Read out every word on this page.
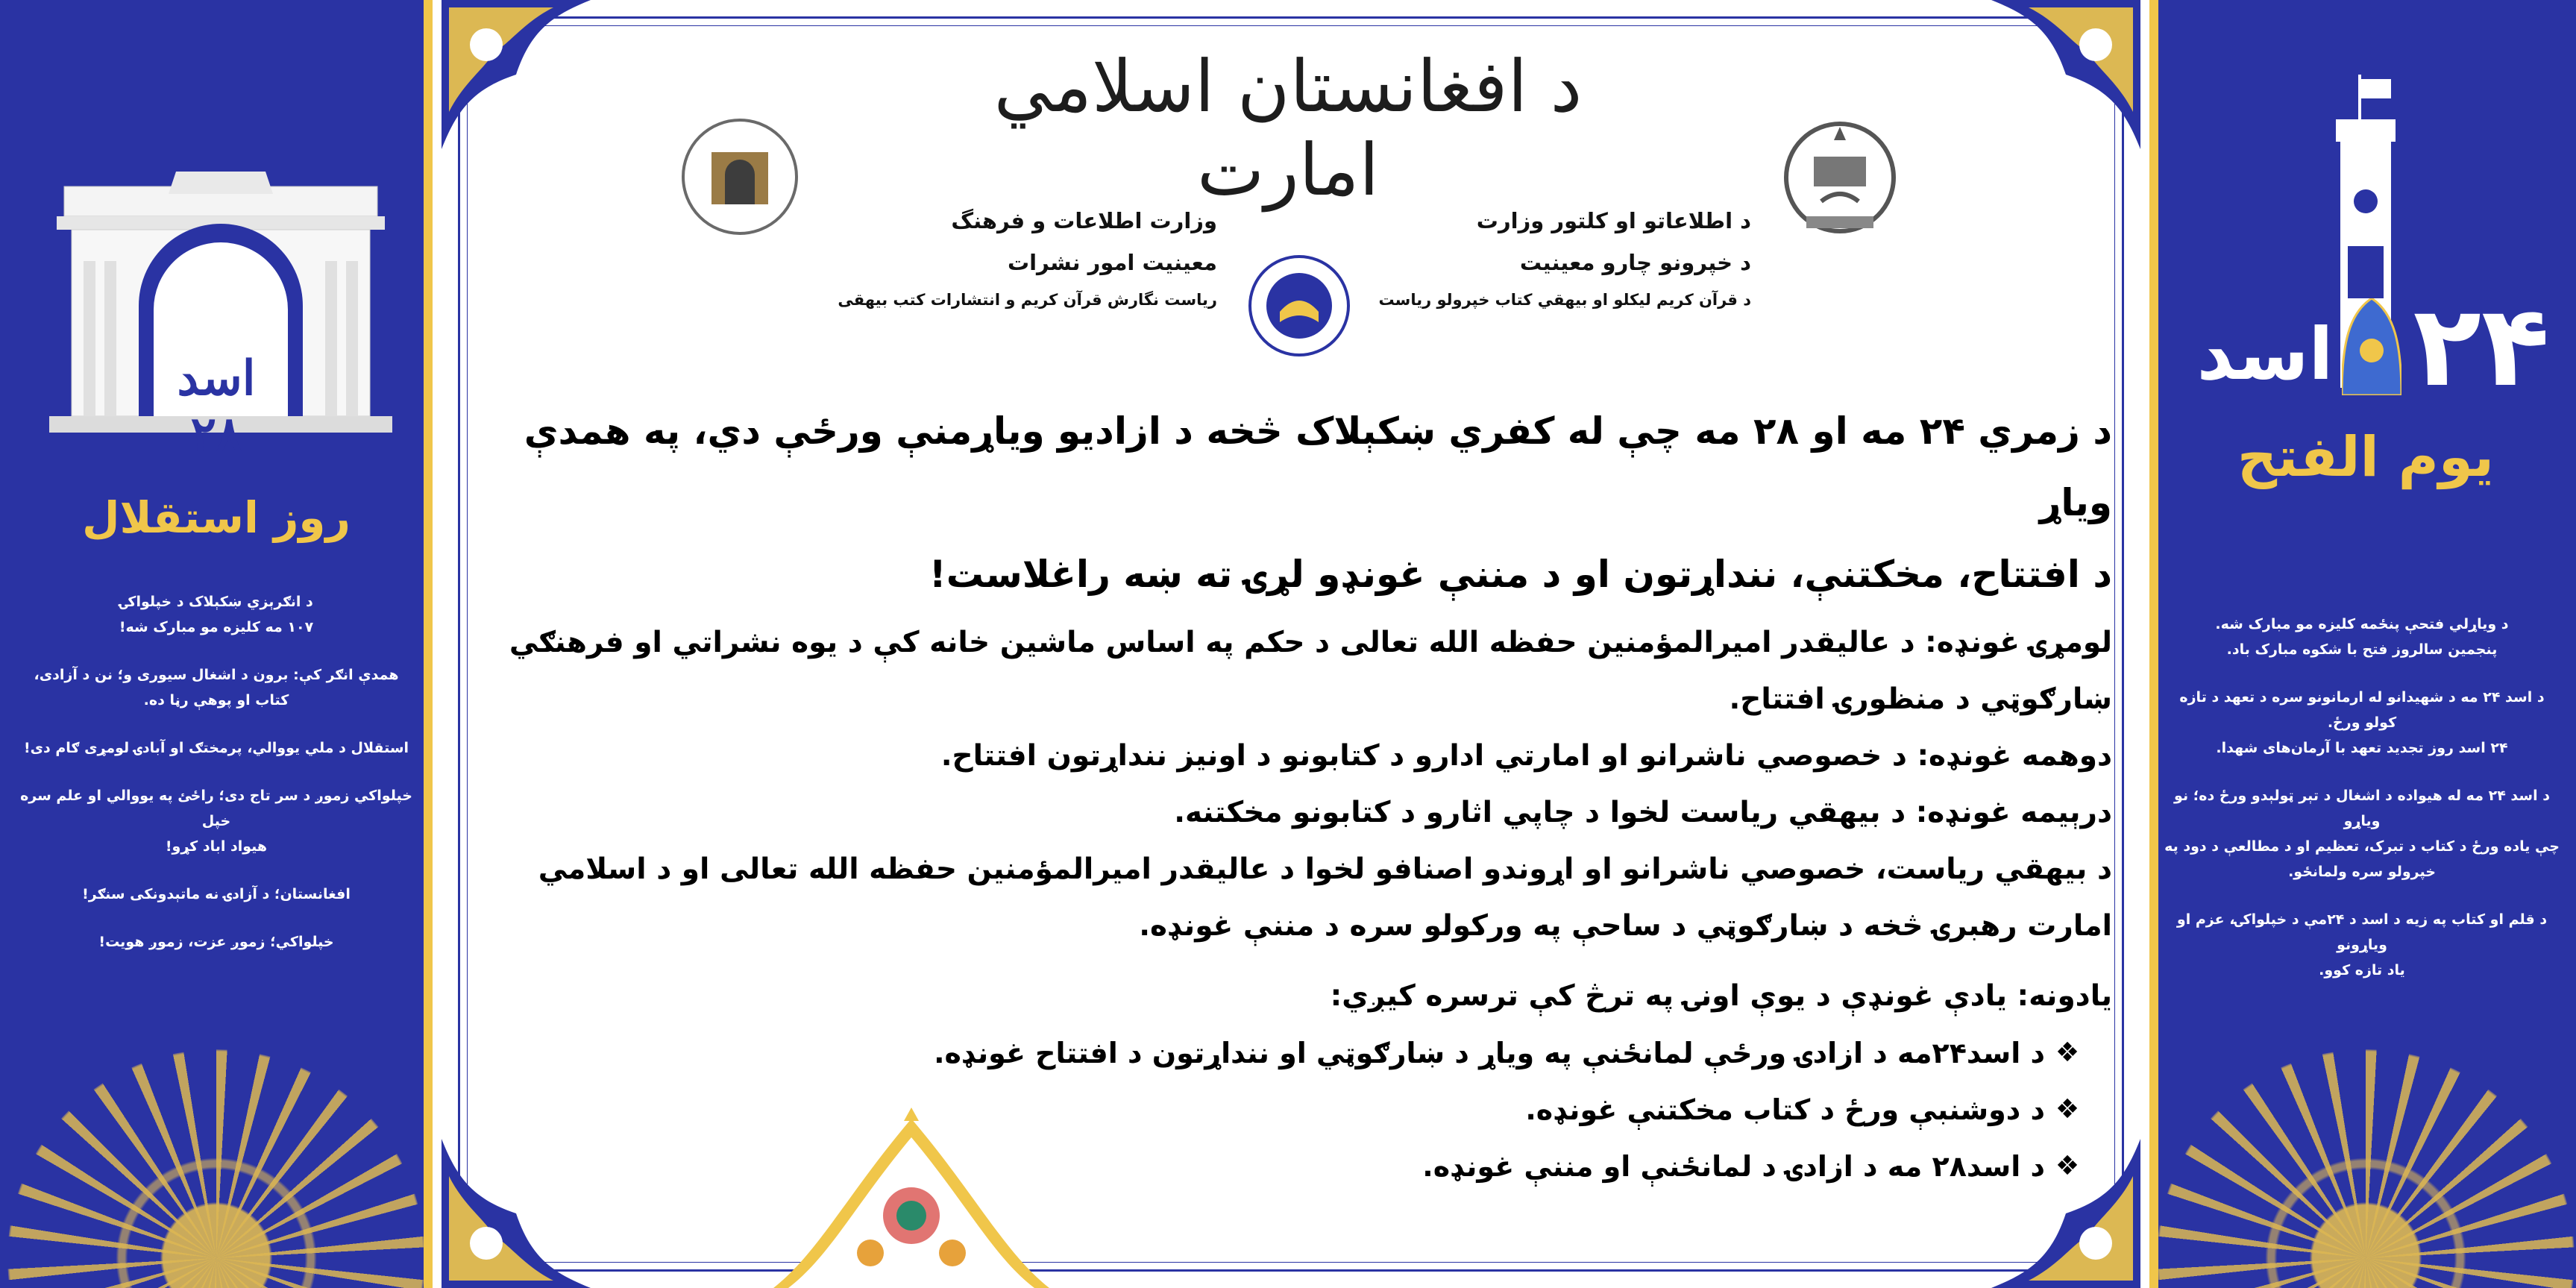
اسد ۲۸
روز استقلال

د انګرېزي ښکېلاک د خپلواکۍ
۱۰۷ مه کلیزه مو مبارک شه!

همدې انګر کې: برون د اشغال سیوری و؛ نن د آزادی،
کتاب او پوهې رڼا ده.

استقلال د ملي یووالي، پرمختګ او آبادۍ لومړی ګام دی!

خپلواکي زموږ د سر تاج دی؛ راځئ په یووالي او علم سره خپل
هیواد اباد کړو!

افغانستان؛ د آزادۍ نه ماتېدونکی سنګر!

خپلواکي؛ زموږ عزت، زموږ هویت!

د افغانستان اسلامي امارت
د اطلاعاتو او کلتور وزارت
د خپرونو چارو معینیت
د قرآن کریم لیکلو او بیهقي کتاب خپرولو ریاست
وزارت اطلاعات و فرهنگ
معینیت امور نشرات
ریاست نگارش قرآن کریم و انتشارات کتب بیهقی
د زمري ۲۴ مه او ۲۸ مه چې له کفري ښکېلاک څخه د ازادیو ویاړمنې ورځې دي، په همدې ویاړ
د افتتاح، مخکتنې، ننداړتون او د مننې غونډو لړۍ ته ښه راغلاست!
لومړۍ غونډه: د عالیقدر امیرالمؤمنین حفظه الله تعالی د حکم په اساس ماشین خانه کې د یوه نشراتي او فرهنګي ښارګوټي د منظورۍ افتتاح.
دوهمه غونډه: د خصوصي ناشرانو او امارتي ادارو د کتابونو د اونیز ننداړتون افتتاح.
درېیمه غونډه: د بیهقي ریاست لخوا د چاپي اثارو د کتابونو مخکتنه.
د بیهقي ریاست، خصوصي ناشرانو او اړوندو اصنافو لخوا د عالیقدر امیرالمؤمنین حفظه الله تعالی او د اسلامي امارت رهبرۍ څخه د ښارګوټي د ساحې په ورکولو سره د مننې غونډه.
یادونه: یادې غونډې د یوې اونۍ په ترڅ کې ترسره کیږي:
❖
د اسد۲۴مه د ازادۍ ورځې لمانځنې په ویاړ د ښارګوټي او ننداړتون د افتتاح غونډه.
❖
د دوشنبې ورځ د کتاب مخکتنې غونډه.
❖
د اسد۲۸ مه د ازادۍ د لمانځنې او مننې غونډه.
۲۴
اسد
یوم الفتح

د ویاړلي فتحې پنځمه کلیزه مو مبارک شه.
پنجمین سالروز فتح با شکوه مبارک باد.

د اسد ۲۴ مه د شهیدانو له ارمانونو سره د تعهد د تازه کولو ورځ.
۲۴ اسد روز تجدید تعهد با آرمان‌های شهدا.

د اسد ۲۴ مه له هیواده د اشغال د تېر ټولېدو ورځ ده؛ نو ویاړو
چې یاده ورځ د کتاب د تبرک، تعظیم او د مطالعې د دود په
خپرولو سره ولمانځو.

د قلم او کتاب په زیه د اسد د ۲۴مې د خپلواکۍ، عزم او ویاړونو
یاد تازه کوو.
